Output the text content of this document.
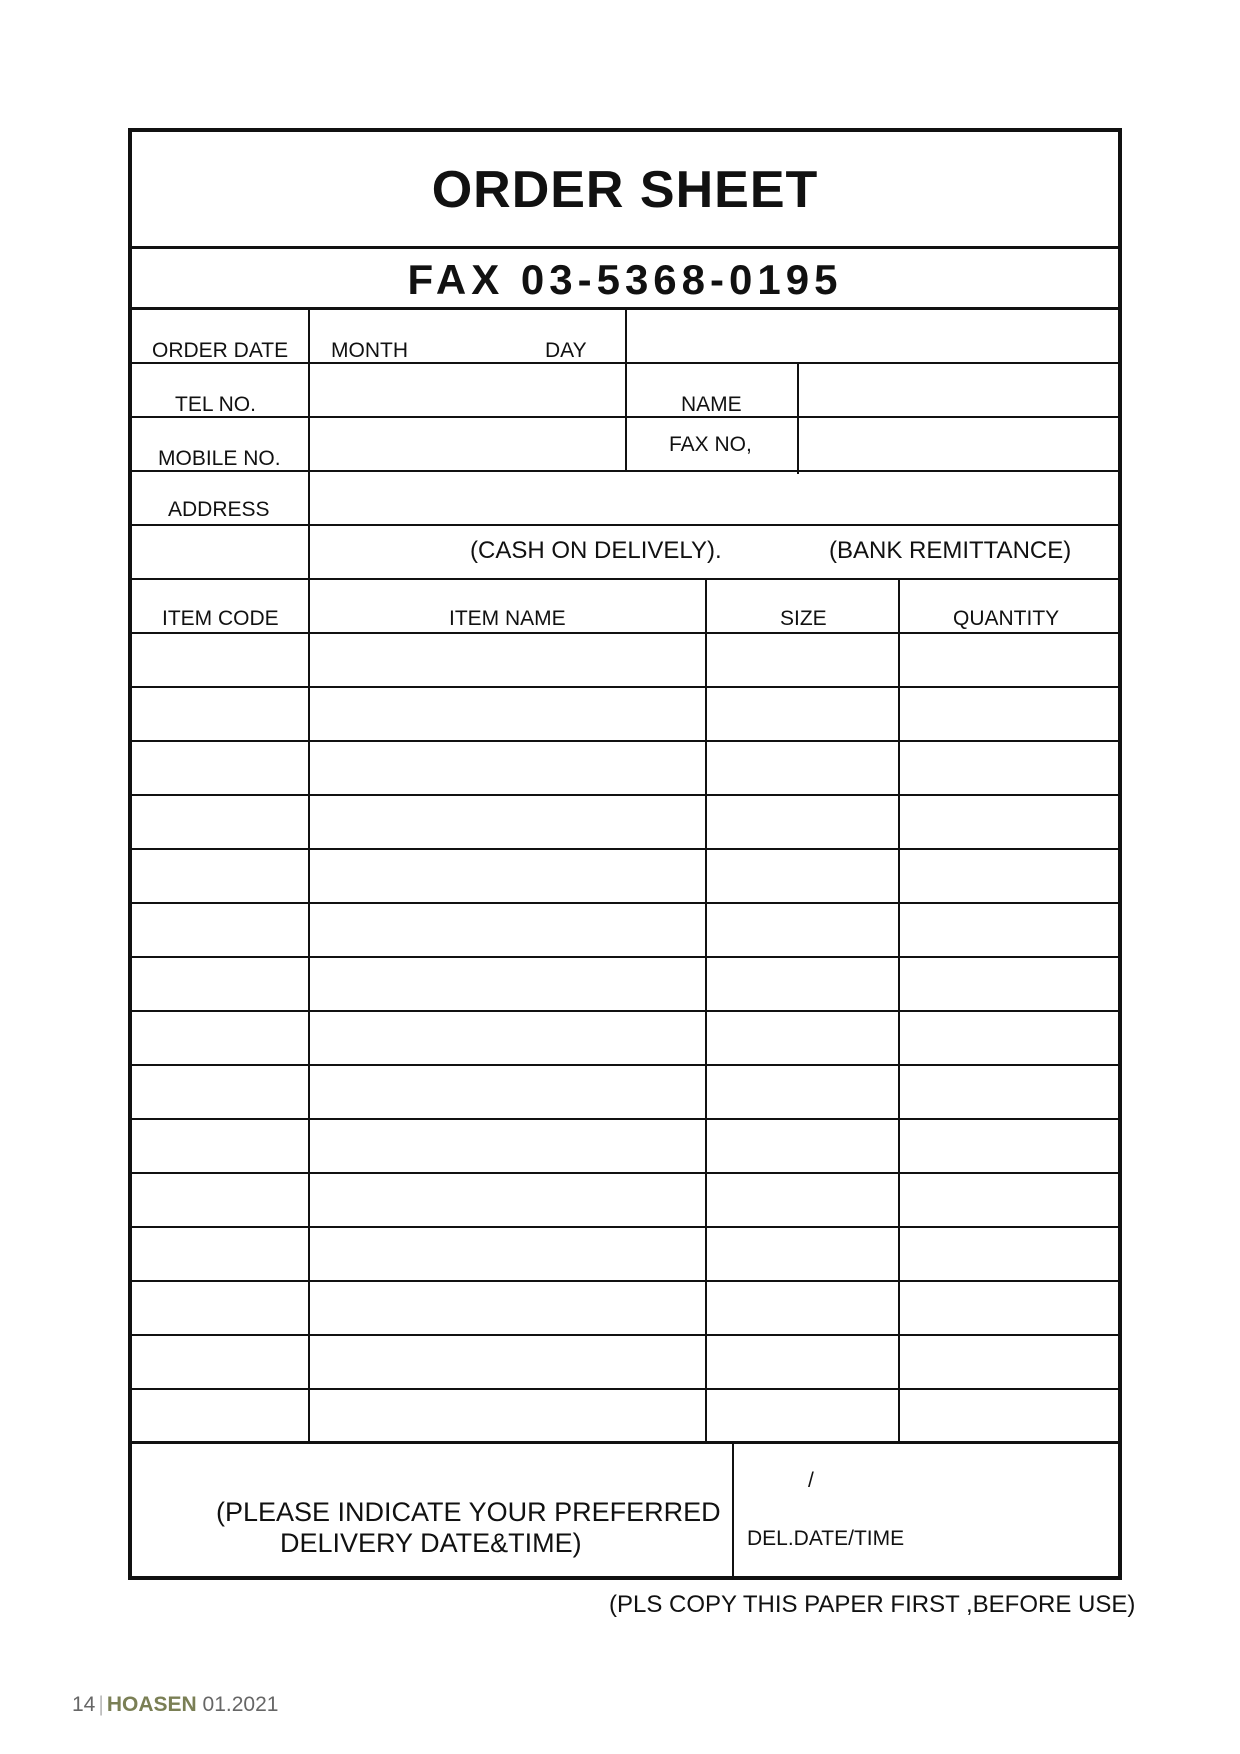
ORDER SHEET
FAX 03-5368-0195
ORDER DATE MONTH	DAY
TEL NO.	NAME
MOBILE NO.
FAX NO,
ADDRESS
(CASH ON DELIVELY) .	(BANK REMITTANCE)
ITEM CODE	ITEM NAME	SIZE	QUANTITY
(PLEASE INDICATE YOUR PREFERRED
DELIVERY DATE&TIME)
/
DEL.DATE/TIME
(PLS COPY THIS PAPER FIRST ,BEFORE USE)
14 | HOASEN 01.2021
